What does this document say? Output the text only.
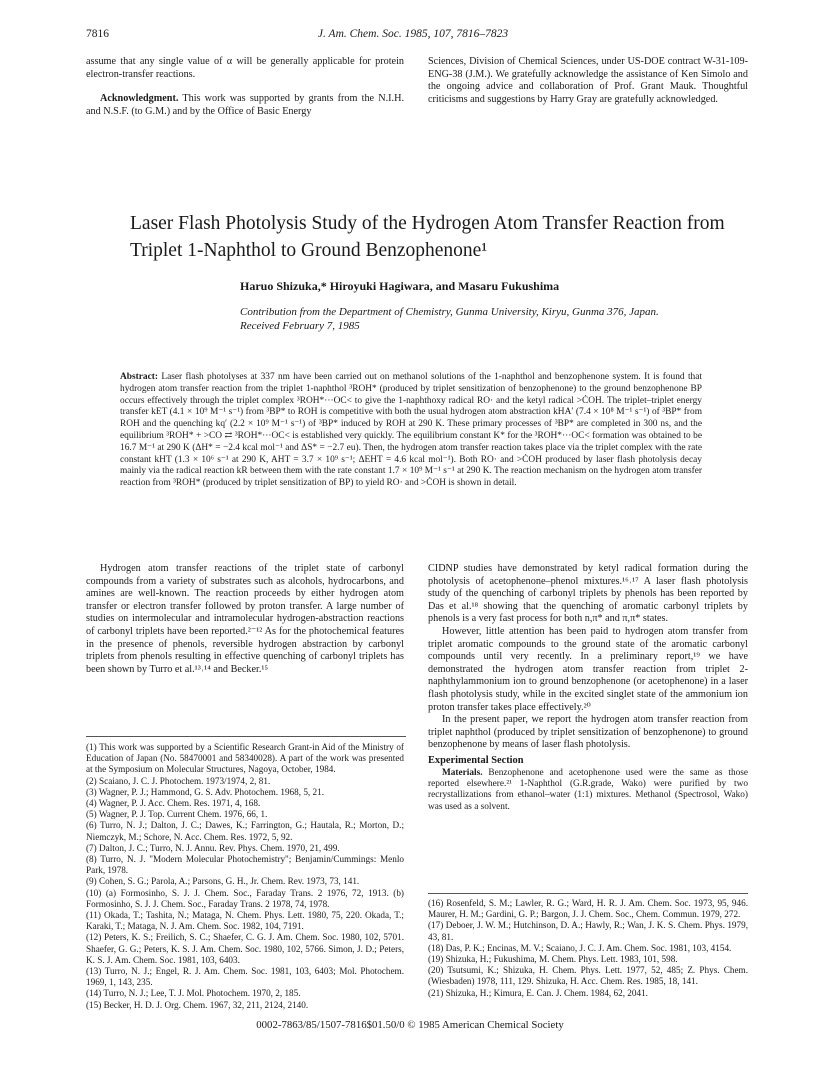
7816	J. Am. Chem. Soc. 1985, 107, 7816–7823

assume that any single value of α will be generally applicable for protein electron-transfer reactions.

Acknowledgment. This work was supported by grants from the N.I.H. and N.S.F. (to G.M.) and by the Office of Basic Energy

Sciences, Division of Chemical Sciences, under US-DOE contract W-31-109-ENG-38 (J.M.). We gratefully acknowledge the assistance of Ken Simolo and the ongoing advice and collaboration of Prof. Grant Mauk. Thoughtful criticisms and suggestions by Harry Gray are gratefully acknowledged.

Laser Flash Photolysis Study of the Hydrogen Atom Transfer Reaction from Triplet 1-Naphthol to Ground Benzophenone¹
Haruo Shizuka,* Hiroyuki Hagiwara, and Masaru Fukushima
Contribution from the Department of Chemistry, Gunma University, Kiryu, Gunma 376, Japan.
Received February 7, 1985
Abstract: Laser flash photolyses at 337 nm have been carried out on methanol solutions of the 1-naphthol and benzophenone system. It is found that hydrogen atom transfer reaction from the triplet 1-naphthol ³ROH* (produced by triplet sensitization of benzophenone) to the ground benzophenone BP occurs effectively through the triplet complex ³ROH*···OC< to give the 1-naphthoxy radical RO· and the ketyl radical >ĊOH. The triplet–triplet energy transfer kET (4.1 × 10⁹ M⁻¹ s⁻¹) from ³BP* to ROH is competitive with both the usual hydrogen atom abstraction kHA′ (7.4 × 10⁸ M⁻¹ s⁻¹) of ³BP* from ROH and the quenching kq′ (2.2 × 10⁹ M⁻¹ s⁻¹) of ³BP* induced by ROH at 290 K. These primary processes of ³BP* are completed in 300 ns, and the equilibrium ³ROH* + >CO ⇄ ³ROH*···OC< is established very quickly. The equilibrium constant K* for the ³ROH*···OC< formation was obtained to be 16.7 M⁻¹ at 290 K (ΔH* = −2.4 kcal mol⁻¹ and ΔS* = −2.7 eu). Then, the hydrogen atom transfer reaction takes place via the triplet complex with the rate constant kHT (1.3 × 10⁶ s⁻¹ at 290 K, AHT = 3.7 × 10⁹ s⁻¹; ΔEHT = 4.6 kcal mol⁻¹). Both RO· and >ĊOH produced by laser flash photolysis decay mainly via the radical reaction kR between them with the rate constant 1.7 × 10⁹ M⁻¹ s⁻¹ at 290 K. The reaction mechanism on the hydrogen atom transfer reaction from ³ROH* (produced by triplet sensitization of BP) to yield RO· and >ĊOH is shown in detail.

Hydrogen atom transfer reactions of the triplet state of carbonyl compounds from a variety of substrates such as alcohols, hydrocarbons, and amines are well-known. The reaction proceeds by either hydrogen atom transfer or electron transfer followed by proton transfer. A large number of studies on intermolecular and intramolecular hydrogen-abstraction reactions of carbonyl triplets have been reported.²⁻¹² As for the photochemical features in the presence of phenols, reversible hydrogen abstraction by carbonyl triplets from phenols resulting in effective quenching of carbonyl triplets has been shown by Turro et al.¹³˒¹⁴ and Becker.¹⁵

(1) This work was supported by a Scientific Research Grant-in Aid of the Ministry of Education of Japan (No. 58470001 and 58340028). A part of the work was presented at the Symposium on Molecular Structures, Nagoya, October, 1984.

(2) Scaiano, J. C. J. Photochem. 1973/1974, 2, 81.

(3) Wagner, P. J.; Hammond, G. S. Adv. Photochem. 1968, 5, 21.

(4) Wagner, P. J. Acc. Chem. Res. 1971, 4, 168.

(5) Wagner, P. J. Top. Current Chem. 1976, 66, 1.

(6) Turro, N. J.; Dalton, J. C.; Dawes, K.; Farrington, G.; Hautala, R.; Morton, D.; Niemczyk, M.; Schore, N. Acc. Chem. Res. 1972, 5, 92.

(7) Dalton, J. C.; Turro, N. J. Annu. Rev. Phys. Chem. 1970, 21, 499.

(8) Turro, N. J. "Modern Molecular Photochemistry"; Benjamin/Cummings: Menlo Park, 1978.

(9) Cohen, S. G.; Parola, A.; Parsons, G. H., Jr. Chem. Rev. 1973, 73, 141.

(10) (a) Formosinho, S. J. J. Chem. Soc., Faraday Trans. 2 1976, 72, 1913. (b) Formosinho, S. J. J. Chem. Soc., Faraday Trans. 2 1978, 74, 1978.

(11) Okada, T.; Tashita, N.; Mataga, N. Chem. Phys. Lett. 1980, 75, 220. Okada, T.; Karaki, T.; Mataga, N. J. Am. Chem. Soc. 1982, 104, 7191.

(12) Peters, K. S.; Freilich, S. C.; Shaefer, C. G. J. Am. Chem. Soc. 1980, 102, 5701. Shaefer, G. G.; Peters, K. S. J. Am. Chem. Soc. 1980, 102, 5766. Simon, J. D.; Peters, K. S. J. Am. Chem. Soc. 1981, 103, 6403.

(13) Turro, N. J.; Engel, R. J. Am. Chem. Soc. 1981, 103, 6403; Mol. Photochem. 1969, 1, 143, 235.

(14) Turro, N. J.; Lee, T. J. Mol. Photochem. 1970, 2, 185.

(15) Becker, H. D. J. Org. Chem. 1967, 32, 211, 2124, 2140.

CIDNP studies have demonstrated by ketyl radical formation during the photolysis of acetophenone–phenol mixtures.¹⁶˒¹⁷ A laser flash photolysis study of the quenching of carbonyl triplets by phenols has been reported by Das et al.¹⁸ showing that the quenching of aromatic carbonyl triplets by phenols is a very fast process for both n,π* and π,π* states.

However, little attention has been paid to hydrogen atom transfer from triplet aromatic compounds to the ground state of the aromatic carbonyl compounds until very recently. In a preliminary report,¹⁹ we have demonstrated the hydrogen atom transfer reaction from triplet 2-naphthylammonium ion to ground benzophenone (or acetophenone) in a laser flash photolysis study, while in the excited singlet state of the ammonium ion proton transfer takes place effectively.²⁰

In the present paper, we report the hydrogen atom transfer reaction from triplet naphthol (produced by triplet sensitization of benzophenone) to ground benzophenone by means of laser flash photolysis.

Experimental Section

Materials. Benzophenone and acetophenone used were the same as those reported elsewhere.²¹ 1-Naphthol (G.R.grade, Wako) were purified by two recrystallizations from ethanol–water (1:1) mixtures. Methanol (Spectrosol, Wako) was used as a solvent.

(16) Rosenfeld, S. M.; Lawler, R. G.; Ward, H. R. J. Am. Chem. Soc. 1973, 95, 946. Maurer, H. M.; Gardini, G. P.; Bargon, J. J. Chem. Soc., Chem. Commun. 1979, 272.

(17) Deboer, J. W. M.; Hutchinson, D. A.; Hawly, R.; Wan, J. K. S. Chem. Phys. 1979, 43, 81.

(18) Das, P. K.; Encinas, M. V.; Scaiano, J. C. J. Am. Chem. Soc. 1981, 103, 4154.

(19) Shizuka, H.; Fukushima, M. Chem. Phys. Lett. 1983, 101, 598.

(20) Tsutsumi, K.; Shizuka, H. Chem. Phys. Lett. 1977, 52, 485; Z. Phys. Chem. (Wiesbaden) 1978, 111, 129. Shizuka, H. Acc. Chem. Res. 1985, 18, 141.

(21) Shizuka, H.; Kimura, E. Can. J. Chem. 1984, 62, 2041.

0002-7863/85/1507-7816$01.50/0 © 1985 American Chemical Society
